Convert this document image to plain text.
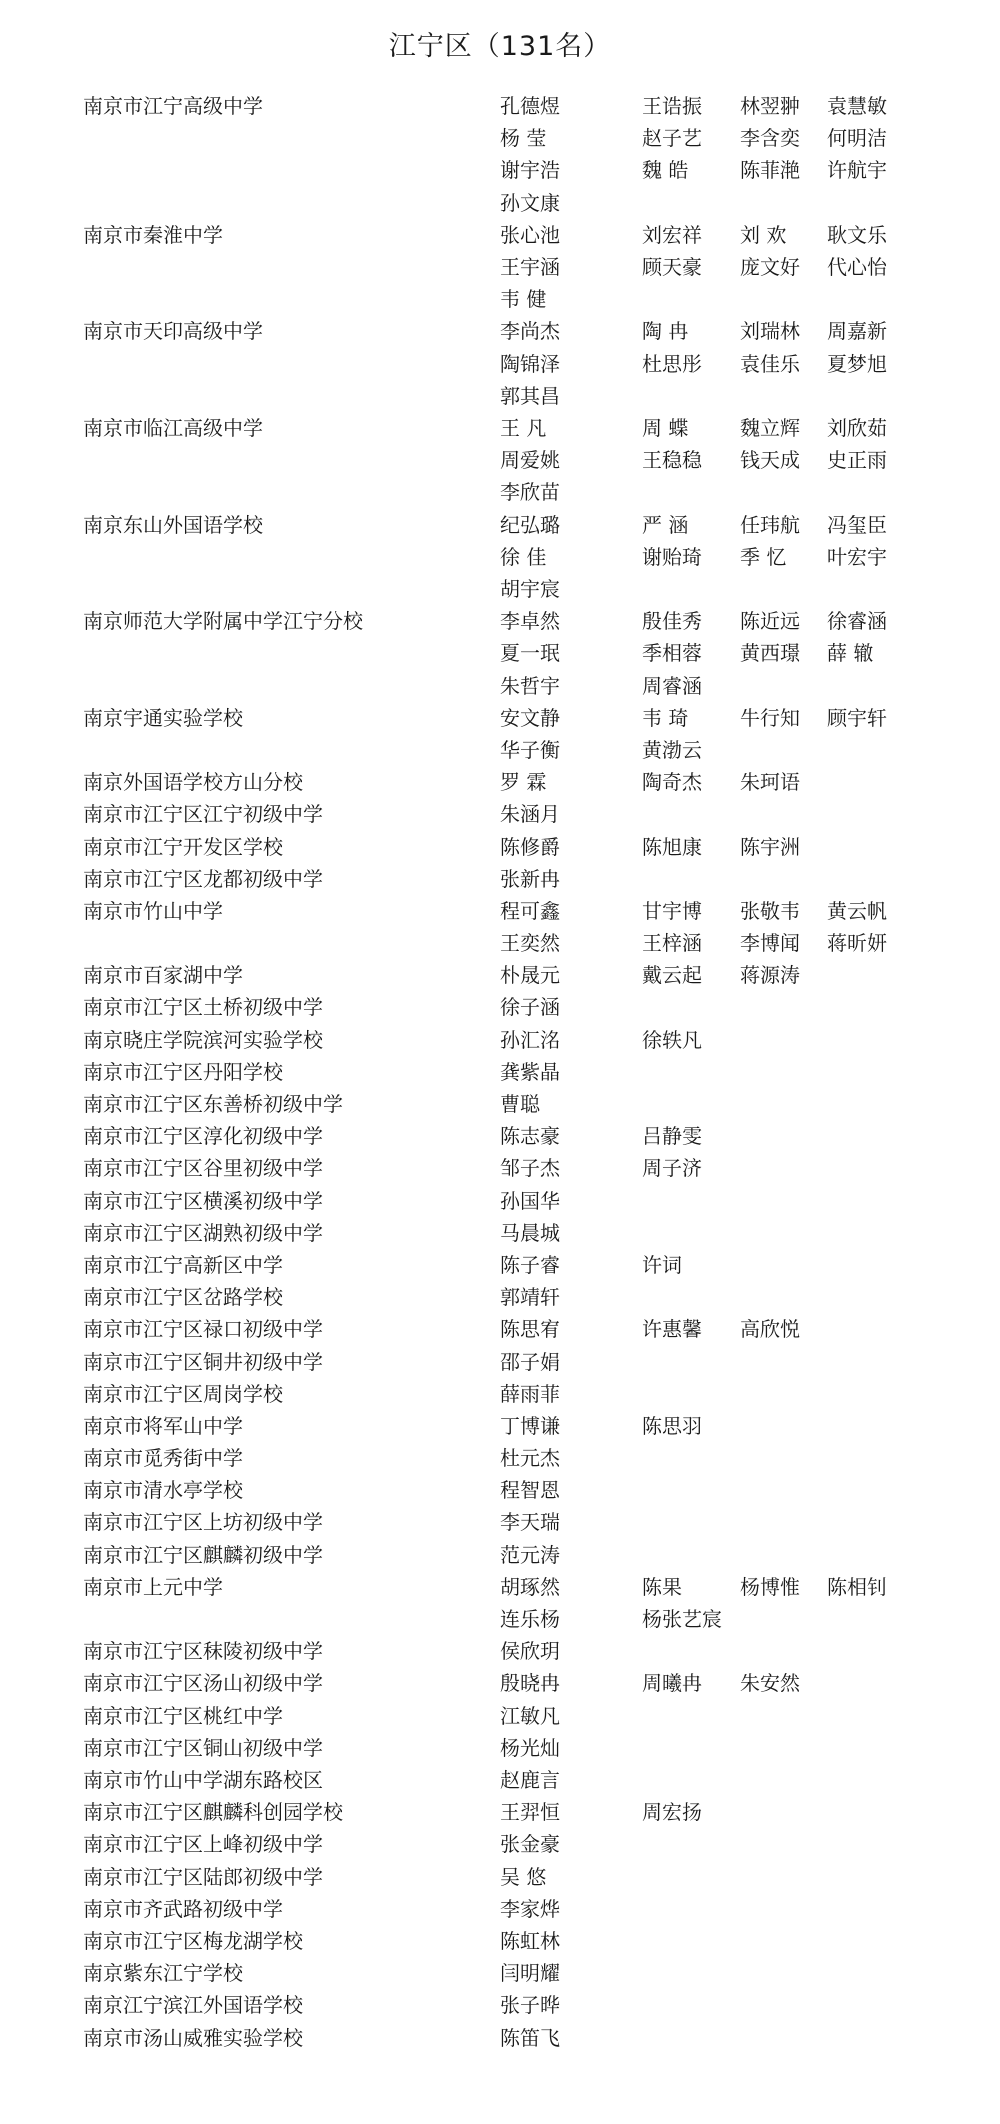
江宁区（131名）
南京市江宁高级中学	孔德煜	王诰振 林翌翀 袁慧敏
杨 莹	赵子艺 李含奕 何明洁
谢宇浩	魏 皓	陈菲滟 许航宇
孙文康
南京市秦淮中学	张心池	刘宏祥 刘 欢 耿文乐
王宇涵	顾天豪 庞文好 代心怡
韦 健
南京市天印高级中学	李尚杰	陶 冉	刘瑞林 周嘉新
陶锦泽	杜思彤 袁佳乐 夏梦旭
郭其昌
南京市临江高级中学	王 凡	周 蝶	魏立辉 刘欣茹
周爱姚	王稳稳 钱天成 史正雨
李欣苗
南京东山外国语学校	纪弘璐	严 涵	任玮航 冯玺臣
徐 佳	谢贻琦 季 忆 叶宏宇
胡宇宸
南京师范大学附属中学江宁分校	李卓然	殷佳秀 陈近远 徐睿涵
夏一珉	季相蓉 黄西璟 薛 辙
朱哲宇	周睿涵
南京宇通实验学校	安文静	韦 琦	牛行知 顾宇轩
华子衡	黄渤云
南京外国语学校方山分校	罗 霖	陶奇杰 朱珂语
南京市江宁区江宁初级中学	朱涵月
南京市江宁开发区学校	陈修爵	陈旭康 陈宇洲
南京市江宁区龙都初级中学	张新冉
南京市竹山中学	程可鑫	甘宇博 张敬韦 黄云帆
王奕然	王梓涵 李博闻 蒋昕妍
南京市百家湖中学	朴晟元	戴云起 蒋源涛
南京市江宁区土桥初级中学	徐子涵
南京晓庄学院滨河实验学校	孙汇洺	徐轶凡
南京市江宁区丹阳学校	龚紫晶
南京市江宁区东善桥初级中学	曹聪
南京市江宁区淳化初级中学	陈志豪	吕静雯
南京市江宁区谷里初级中学	邹子杰	周子济
南京市江宁区横溪初级中学	孙国华
南京市江宁区湖熟初级中学	马晨城
南京市江宁高新区中学	陈子睿	许词
南京市江宁区岔路学校	郭靖轩
南京市江宁区禄口初级中学	陈思宥	许惠馨 高欣悦
南京市江宁区铜井初级中学	邵子娟
南京市江宁区周岗学校	薛雨菲
南京市将军山中学	丁博谦	陈思羽
南京市觅秀街中学	杜元杰
南京市清水亭学校	程智恩
南京市江宁区上坊初级中学	李天瑞
南京市江宁区麒麟初级中学	范元涛
南京市上元中学	胡琢然	陈果	杨博惟 陈相钊
连乐杨	杨张艺宸
南京市江宁区秣陵初级中学	侯欣玥
南京市江宁区汤山初级中学	殷晓冉	周曦冉 朱安然
南京市江宁区桃红中学	江敏凡
南京市江宁区铜山初级中学	杨光灿
南京市竹山中学湖东路校区	赵鹿言
南京市江宁区麒麟科创园学校	王羿恒	周宏扬
南京市江宁区上峰初级中学	张金豪
南京市江宁区陆郎初级中学	吴 悠
南京市齐武路初级中学	李家烨
南京市江宁区梅龙湖学校	陈虹林
南京紫东江宁学校	闫明耀
南京江宁滨江外国语学校	张子晔
南京市汤山威雅实验学校	陈笛飞
